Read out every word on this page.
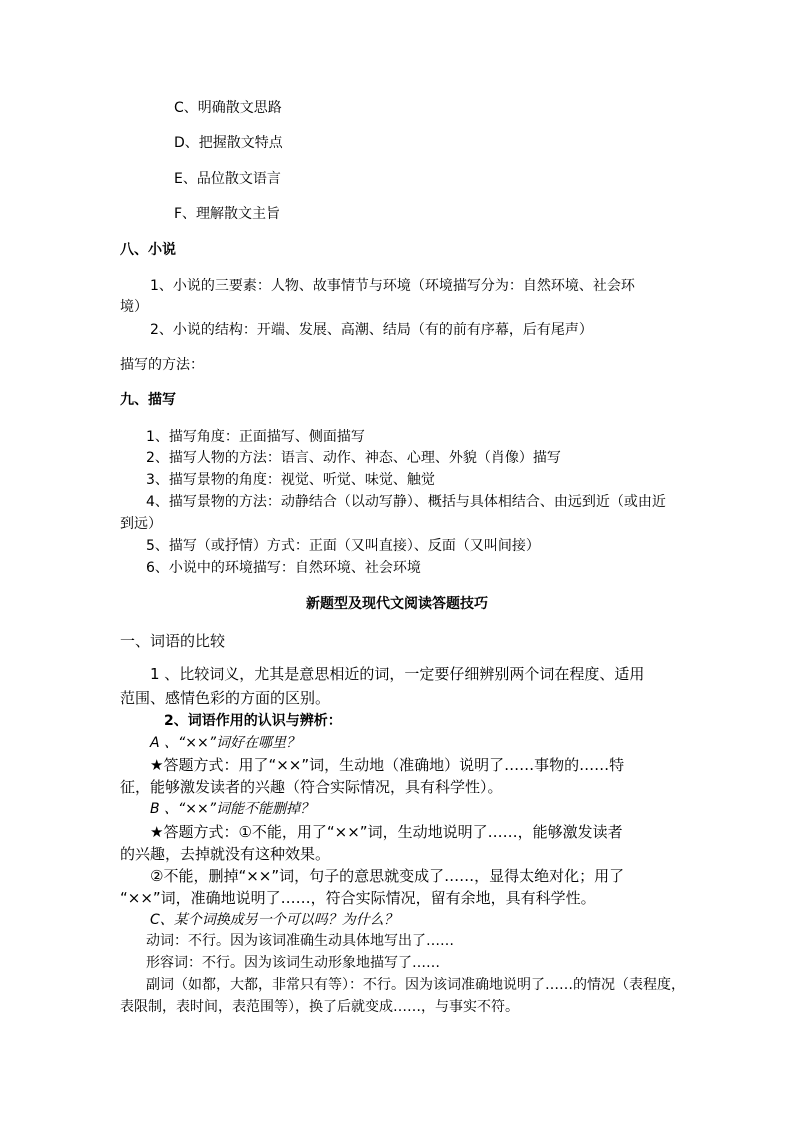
C、明确散文思路
D、把握散文特点
E、品位散文语言
F、理解散文主旨
八、小说
1、小说的三要素：人物、故事情节与环境（环境描写分为：自然环境、社会环
境）
2、小说的结构：开端、发展、高潮、结局（有的前有序幕，后有尾声）
描写的方法：
九、描写
1、描写角度：正面描写、侧面描写
2、描写人物的方法：语言、动作、神态、心理、外貌（肖像）描写
3、描写景物的角度：视觉、听觉、味觉、触觉
4、描写景物的方法：动静结合（以动写静）、概括与具体相结合、由远到近（或由近
到远）
5、描写（或抒情）方式：正面（又叫直接）、反面（又叫间接）
6、小说中的环境描写：自然环境、社会环境
新题型及现代文阅读答题技巧
一、词语的比较
1 、比较词义，尤其是意思相近的词，一定要仔细辨别两个词在程度、适用
范围、感情色彩的方面的区别。
2、词语作用的认识与辨析：
A 、“××”词好在哪里？
★答题方式：用了“××”词，生动地（准确地）说明了……事物的……特
征，能够激发读者的兴趣（符合实际情况，具有科学性）。
B 、“××”词能不能删掉？
★答题方式：①不能，用了“××”词，生动地说明了……，能够激发读者
的兴趣，去掉就没有这种效果。
②不能，删掉“××”词，句子的意思就变成了……，显得太绝对化；用了
“××”词，准确地说明了……，符合实际情况，留有余地，具有科学性。
C、某个词换成另一个可以吗？为什么？
动词：不行。因为该词准确生动具体地写出了……
形容词：不行。因为该词生动形象地描写了……
副词（如都，大都，非常只有等）：不行。因为该词准确地说明了……的情况（表程度，
表限制，表时间，表范围等），换了后就变成……，与事实不符。
